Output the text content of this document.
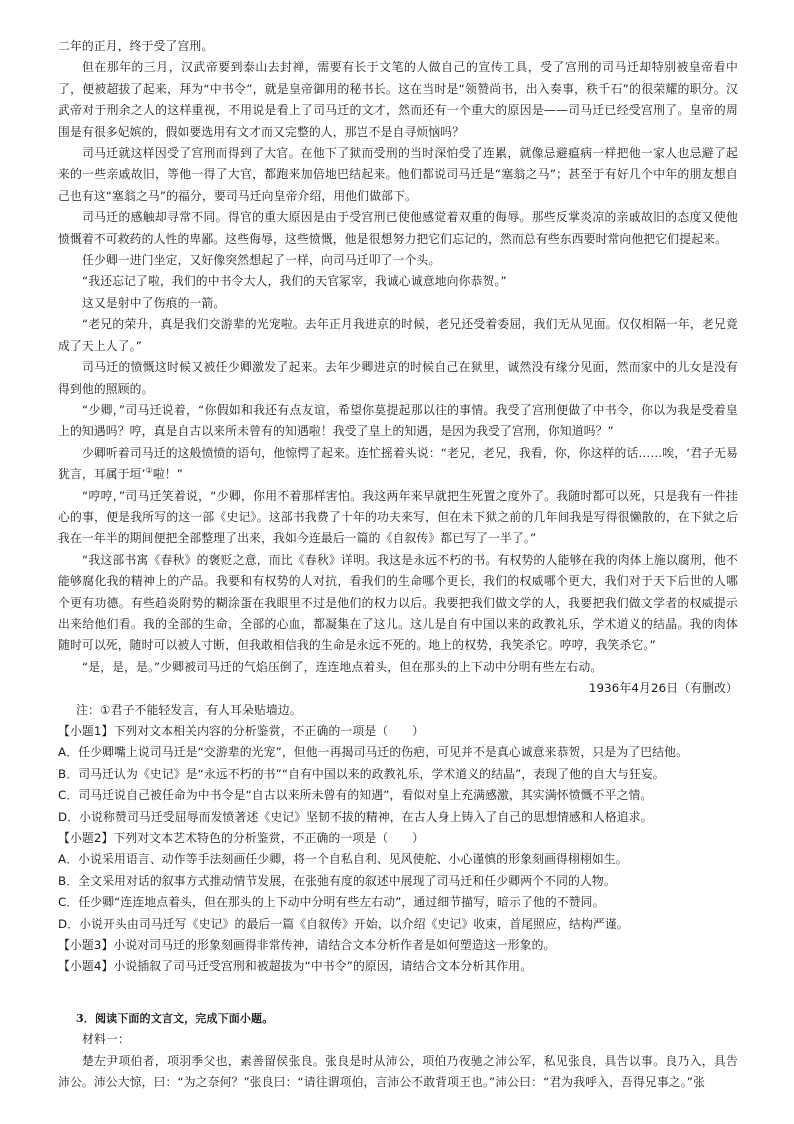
二年的正月，终于受了宫刑。

但在那年的三月，汉武帝要到泰山去封禅，需要有长于文笔的人做自己的宣传工具，受了宫刑的司马迁却特别被皇帝看中了，便被超拔了起来，拜为“中书令”，就是皇帝御用的秘书长。这在当时是“领赞尚书，出入奏事，秩千石”的很荣耀的职分。汉武帝对于刑余之人的这样重视，不用说是看上了司马迁的文才，然而还有一个重大的原因是——司马迁已经受宫刑了。皇帝的周围是有很多妃嫔的，假如要选用有文才而又完整的人，那岂不是自寻烦恼吗？

司马迁就这样因受了宫刑而得到了大官。在他下了狱而受刑的当时深怕受了连累，就像忌避瘟病一样把他一家人也忌避了起来的一些亲戚故旧，等他一得了大官，都跑来加倍地巴结起来。他们都说司马迁是“塞翁之马”；甚至于有好几个中年的朋友想自己也有这“塞翁之马”的福分，要司马迁向皇帝介绍，用他们做部下。

司马迁的感触却寻常不同。得官的重大原因是由于受宫刑已使他感觉着双重的侮辱。那些反掌炎凉的亲戚故旧的态度又使他愤慨着不可救药的人性的卑鄙。这些侮辱，这些愤慨，他是很想努力把它们忘记的，然而总有些东西要时常向他把它们提起来。

任少卿一进门坐定，又好像突然想起了一样，向司马迁叩了一个头。

“我还忘记了啦，我们的中书令大人，我们的天官冢宰，我诚心诚意地向你恭贺。”

这又是射中了伤痕的一箭。

“老兄的荣升，真是我们交游辈的光宠啦。去年正月我进京的时候，老兄还受着委屈，我们无从见面。仅仅相隔一年，老兄竟成了天上人了。”

司马迁的愤慨这时候又被任少卿激发了起来。去年少卿进京的时候自己在狱里，诚然没有缘分见面，然而家中的儿女是没有得到他的照顾的。

“少卿，”司马迁说着，“你假如和我还有点友谊，希望你莫提起那以往的事情。我受了宫刑便做了中书令，你以为我是受着皇上的知遇吗？哼，真是自古以来所未曾有的知遇啦！我受了皇上的知遇，是因为我受了宫刑，你知道吗？”

少卿听着司马迁的这般愤愤的语句，他惊愕了起来。连忙摇着头说：“老兄，老兄，我看，你，你这样的话……唉，‘君子无易犹言，耳属于垣’①啦！”

“哼哼，”司马迁笑着说，“少卿，你用不着那样害怕。我这两年来早就把生死置之度外了。我随时都可以死，只是我有一件挂心的事，便是我所写的这一部《史记》。这部书我费了十年的功夫来写，但在未下狱之前的几年间我是写得很懒散的，在下狱之后我在一年半的期间便把全部整理了出来，我如今连最后一篇的《自叙传》都已写了一半了。”

“我这部书寓《春秋》的褒贬之意，而比《春秋》详明。我这是永远不朽的书。有权势的人能够在我的肉体上施以腐刑，他不能够腐化我的精神上的产品。我要和有权势的人对抗，看我们的生命哪个更长，我们的权威哪个更大，我们对于天下后世的人哪个更有功德。有些趋炎附势的糊涂蛋在我眼里不过是他们的权力以后。我要把我们做文学的人，我要把我们做文学者的权威提示出来给他们看。我的全部的生命，全部的心血，都凝集在了这儿。这儿是自有中国以来的政教礼乐，学术道义的结晶。我的肉体随时可以死，随时可以被人寸断，但我敢相信我的生命是永远不死的。地上的权势，我笑杀它。哼哼，我笑杀它。”

“是，是，是。”少卿被司马迁的气焰压倒了，连连地点着头，但在那头的上下动中分明有些左右动。

1936年4月26日（有删改）

注：①君子不能轻发言，有人耳朵贴墙边。

【小题1】下列对文本相关内容的分析鉴赏，不正确的一项是（　　）

A．任少卿嘴上说司马迁是“交游辈的光宠”，但他一再揭司马迁的伤疤，可见并不是真心诚意来恭贺，只是为了巴结他。

B．司马迁认为《史记》是“永远不朽的书”“自有中国以来的政教礼乐，学术道义的结晶”，表现了他的自大与狂妄。

C．司马迁说自己被任命为中书令是“自古以来所未曾有的知遇”，看似对皇上充满感激，其实满怀愤慨不平之情。

D．小说称赞司马迁受屈辱而发愤著述《史记》坚韧不拔的精神，在古人身上铸入了自己的思想情感和人格追求。

【小题2】下列对文本艺术特色的分析鉴赏，不正确的一项是（　　）

A．小说采用语言、动作等手法刻画任少卿，将一个自私自利、见风使舵、小心谨慎的形象刻画得栩栩如生。

B．全文采用对话的叙事方式推动情节发展，在张弛有度的叙述中展现了司马迁和任少卿两个不同的人物。

C．任少卿“连连地点着头，但在那头的上下动中分明有些左右动”，通过细节描写，暗示了他的不赞同。

D．小说开头由司马迁写《史记》的最后一篇《自叙传》开始，以介绍《史记》收束，首尾照应，结构严谨。

【小题3】小说对司马迁的形象刻画得非常传神，请结合文本分析作者是如何塑造这一形象的。

【小题4】小说插叙了司马迁受宫刑和被超拔为“中书令”的原因，请结合文本分析其作用。

3．阅读下面的文言文，完成下面小题。

材料一：

楚左尹项伯者，项羽季父也，素善留侯张良。张良是时从沛公，项伯乃夜驰之沛公军，私见张良，具告以事。良乃入，具告沛公。沛公大惊，曰：“为之奈何？”张良曰：“请往谓项伯，言沛公不敢背项王也。”沛公曰：“君为我呼入，吾得兄事之。”张
